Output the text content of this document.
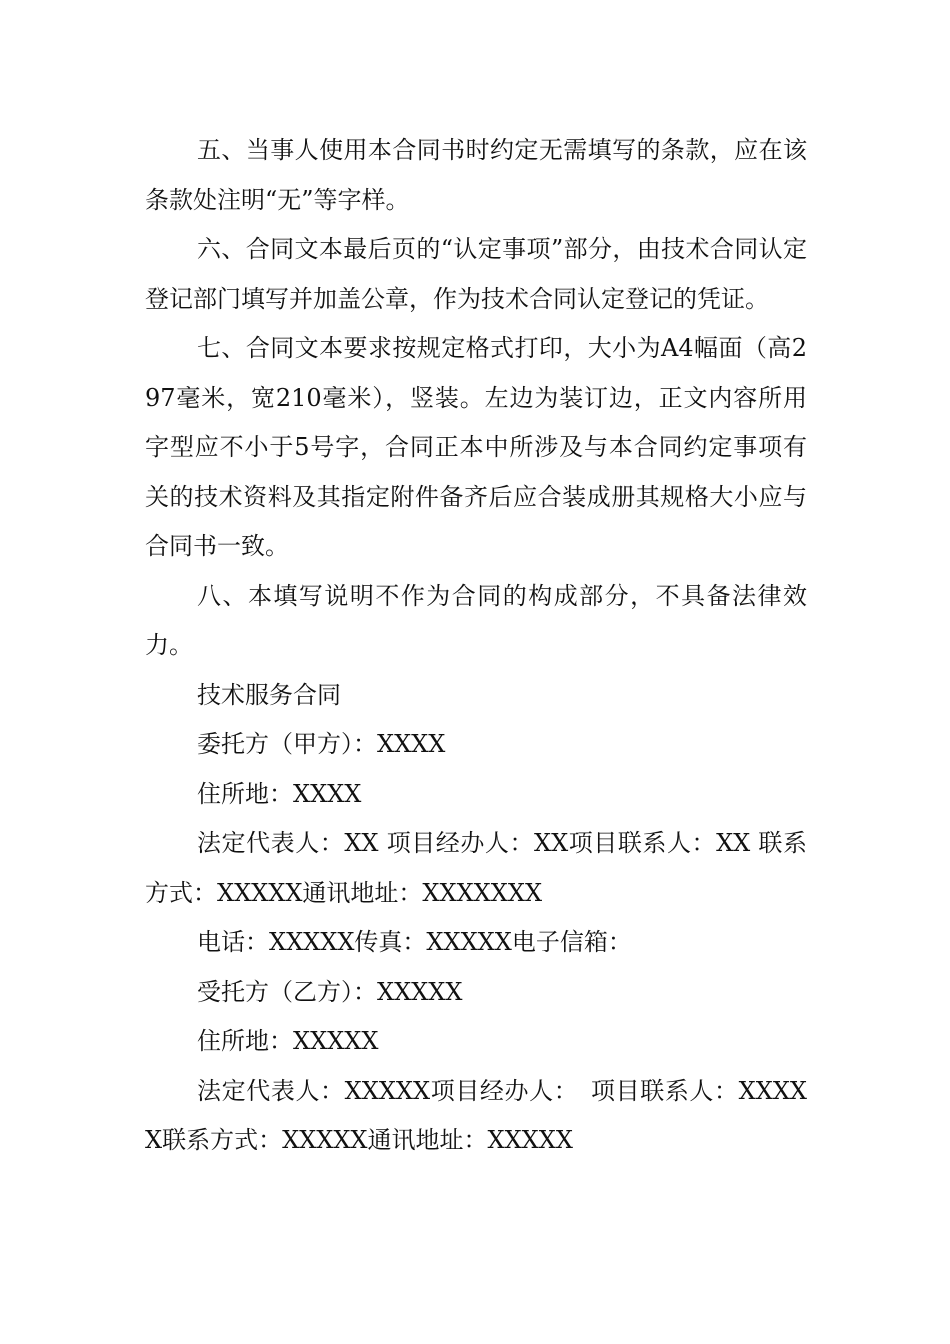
五、当事人使用本合同书时约定无需填写的条款，应在该条款处注明“无”等字样。

六、合同文本最后页的“认定事项”部分，由技术合同认定登记部门填写并加盖公章，作为技术合同认定登记的凭证。

七、合同文本要求按规定格式打印，大小为A4幅面（高297毫米，宽210毫米），竖装。左边为装订边，正文内容所用字型应不小于5号字，合同正本中所涉及与本合同约定事项有关的技术资料及其指定附件备齐后应合装成册其规格大小应与合同书一致。

八、本填写说明不作为合同的构成部分，不具备法律效力。

技术服务合同

委托方（甲方）：XXXX

住所地：XXXX

法定代表人：XX 项目经办人：XX项目联系人：XX 联系方式：XXXXX通讯地址：XXXXXXX

电话：XXXXX传真：XXXXX电子信箱：

受托方（乙方）：XXXXX

住所地：XXXXX

法定代表人：XXXXX项目经办人：　项目联系人：XXXXX联系方式：XXXXX通讯地址：XXXXX
